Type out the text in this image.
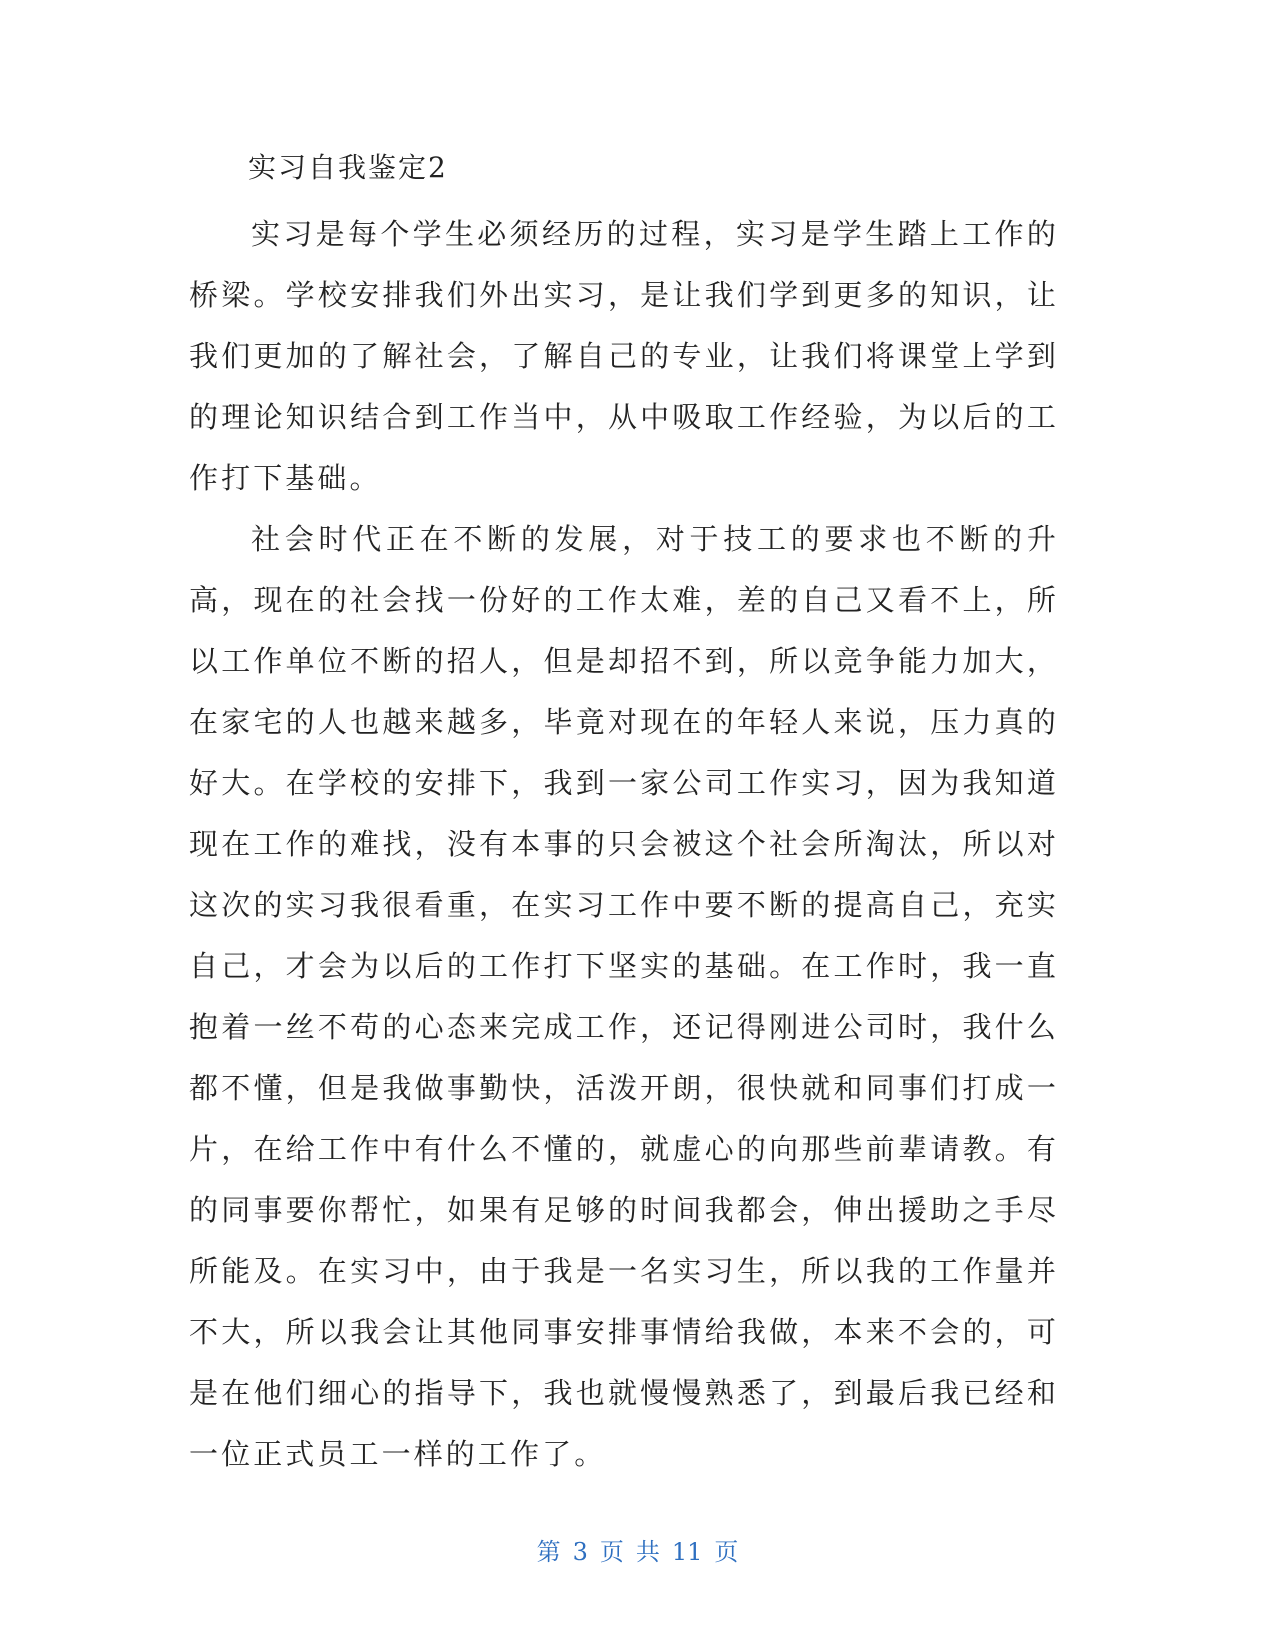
实习自我鉴定2

实习是每个学生必须经历的过程，实习是学生踏上工作的桥梁。学校安排我们外出实习，是让我们学到更多的知识，让我们更加的了解社会，了解自己的专业，让我们将课堂上学到的理论知识结合到工作当中，从中吸取工作经验，为以后的工作打下基础。

社会时代正在不断的发展，对于技工的要求也不断的升高，现在的社会找一份好的工作太难，差的自己又看不上，所以工作单位不断的招人，但是却招不到，所以竞争能力加大，在家宅的人也越来越多，毕竟对现在的年轻人来说，压力真的好大。在学校的安排下，我到一家公司工作实习，因为我知道现在工作的难找，没有本事的只会被这个社会所淘汰，所以对这次的实习我很看重，在实习工作中要不断的提高自己，充实自己，才会为以后的工作打下坚实的基础。在工作时，我一直抱着一丝不苟的心态来完成工作，还记得刚进公司时，我什么都不懂，但是我做事勤快，活泼开朗，很快就和同事们打成一片，在给工作中有什么不懂的，就虚心的向那些前辈请教。有的同事要你帮忙，如果有足够的时间我都会，伸出援助之手尽所能及。在实习中，由于我是一名实习生，所以我的工作量并不大，所以我会让其他同事安排事情给我做，本来不会的，可是在他们细心的指导下，我也就慢慢熟悉了，到最后我已经和一位正式员工一样的工作了。

第 3 页 共 11 页
